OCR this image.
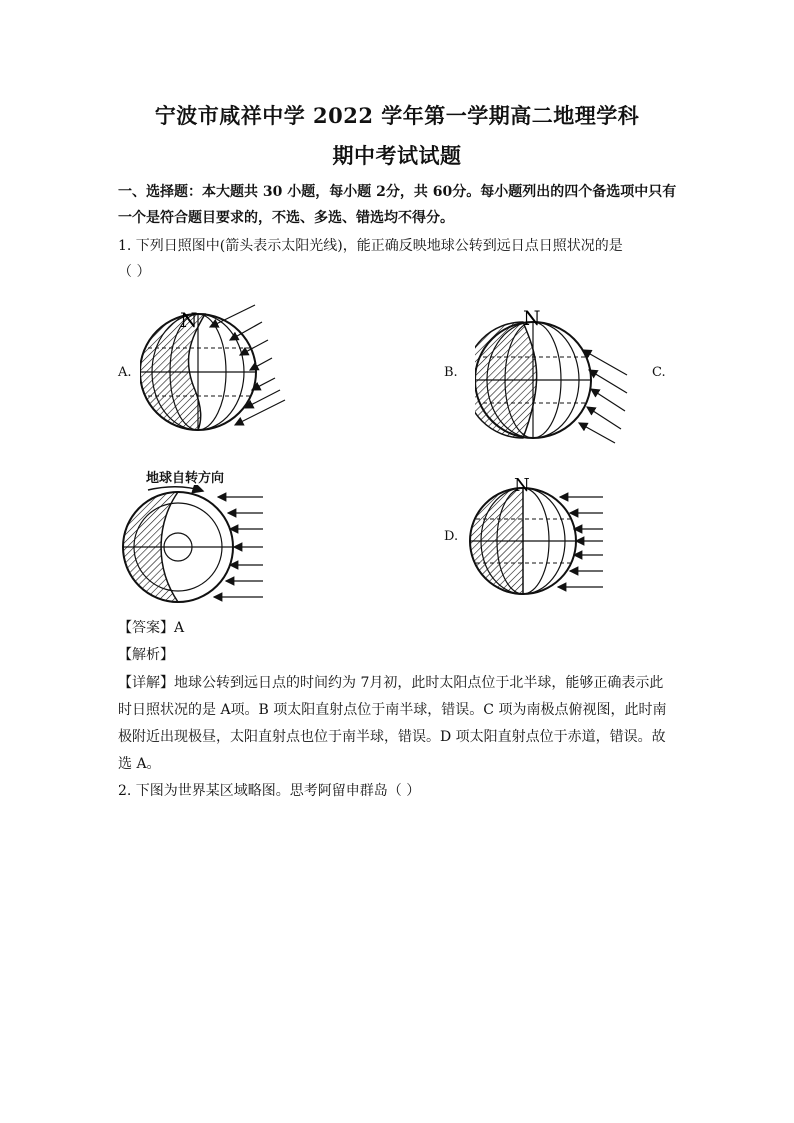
宁波市咸祥中学 2022 学年第一学期高二地理学科
期中考试试题
一、选择题：本大题共 30 小题，每小题 2分，共 60分。每小题列出的四个备选项中只有
一个是符合题目要求的，不选、多选、错选均不得分。
1. 下列日照图中(箭头表示太阳光线)，能正确反映地球公转到远日点日照状况的是
（ ）
A.
N
B.
N
C.
地球自转方向
D.
N
【答案】A
【解析】
【详解】地球公转到远日点的时间约为 7月初，此时太阳点位于北半球，能够正确表示此
时日照状况的是 A项。B 项太阳直射点位于南半球，错误。C 项为南极点俯视图，此时南
极附近出现极昼，太阳直射点也位于南半球，错误。D 项太阳直射点位于赤道，错误。故
选 A。
2. 下图为世界某区域略图。思考阿留申群岛（ ）
